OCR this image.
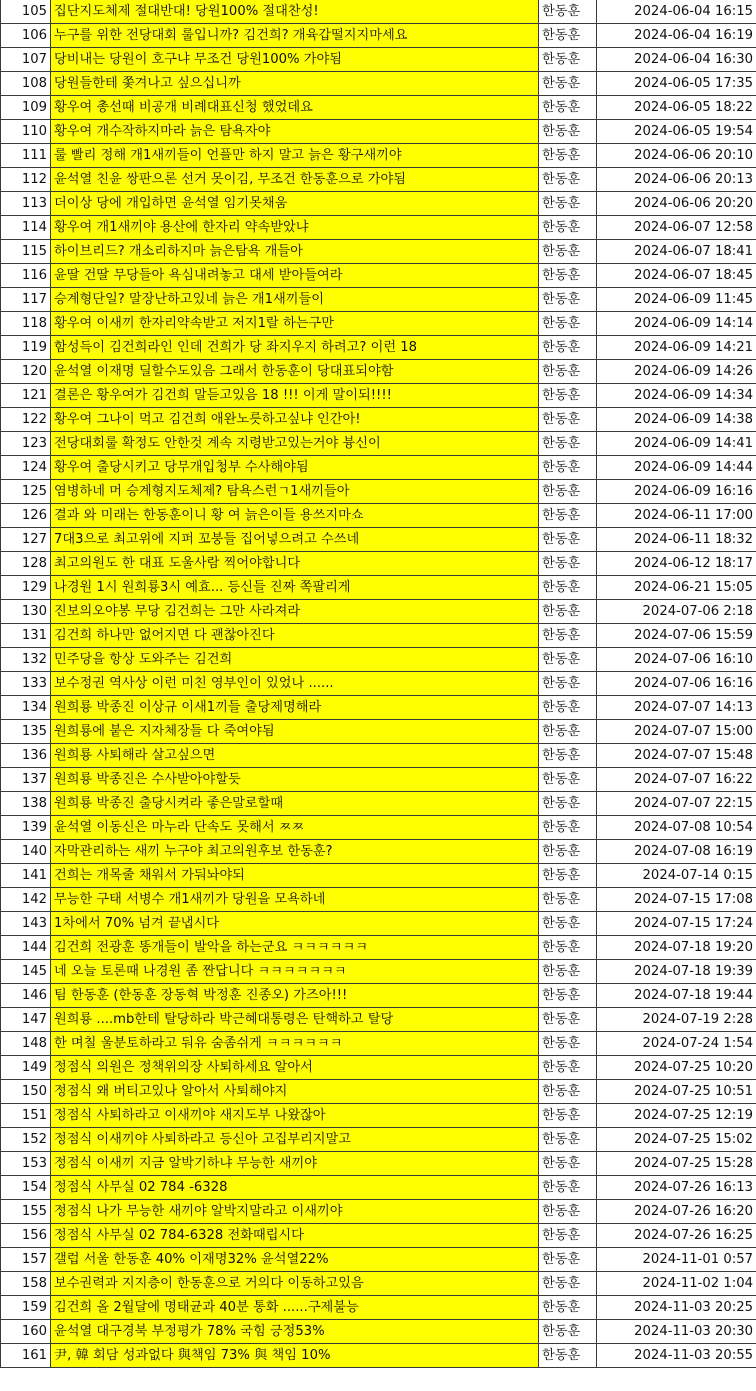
105	집단지도체제 절대반대! 당원100% 절대찬성!	한동훈	2024-06-04 16:15
106	누구를 위한 전당대회 룰입니까? 김건희? 개육갑떨지지마세요	한동훈	2024-06-04 16:19
107	당비내는 당원이 호구냐 무조건 당원100% 가야됨	한동훈	2024-06-04 16:30
108	당원들한테 쫓겨나고 싶으십니까	한동훈	2024-06-05 17:35
109	황우여 총선때 비공개 비례대표신청 했었데요	한동훈	2024-06-05 18:22
110	황우여 개수작하지마라 늙은 탐욕자야	한동훈	2024-06-05 19:54
111	룰 빨리 정해 개1새끼들이 언플만 하지 말고 늙은 황구새끼야	한동훈	2024-06-06 20:10
112	윤석열 친윤 쌍판으론 선거 못이김, 무조건 한동훈으로 가야됨	한동훈	2024-06-06 20:13
113	더이상 당에 개입하면 윤석열 임기못채움	한동훈	2024-06-06 20:20
114	황우여 개1새끼야 용산에 한자리 약속받았냐	한동훈	2024-06-07 12:58
115	하이브리드? 개소리하지마 늙은탐욕 개들아	한동훈	2024-06-07 18:41
116	윤딸 건딸 무당들아 욕심내려놓고 대세 받아들여라	한동훈	2024-06-07 18:45
117	승계형단일? 말장난하고있네 늙은 개1새끼들이	한동훈	2024-06-09 11:45
118	황우여 이새끼 한자리약속받고 저지1랄 하는구만	한동훈	2024-06-09 14:14
119	함성득이 김건희라인 인데 건희가 당 좌지우지 하려고? 이런 18	한동훈	2024-06-09 14:21
120	윤석열 이재명 딜할수도있음 그래서 한동훈이 당대표되야함	한동훈	2024-06-09 14:26
121	결론은 황우여가 김건희 말듣고있음 18 !!! 이게 말이되!!!!	한동훈	2024-06-09 14:34
122	황우여 그나이 먹고 김건희 애완노릇하고싶냐 인간아!	한동훈	2024-06-09 14:38
123	전당대회룰 확정도 안한것 계속 지령받고있는거야 븅신이	한동훈	2024-06-09 14:41
124	황우여 출당시키고 당무개입청부 수사해야됨	한동훈	2024-06-09 14:44
125	염병하네 머 승계형지도체제? 탐욕스런ㄱ1새끼들아	한동훈	2024-06-09 16:16
126	결과 와 미래는 한동훈이니 황 여 늙은이들 용쓰지마쇼	한동훈	2024-06-11 17:00
127	7대3으로 최고위에 지퍼 꼬붕들 집어넣으려고 수쓰네	한동훈	2024-06-11 18:32
128	최고의원도 한 대표 도울사람 찍어야합니다	한동훈	2024-06-12 18:17
129	나경원 1시 원희룡3시 예효... 등신들 진짜 쪽팔리게	한동훈	2024-06-21 15:05
130	진보의오야봉 무당 김건희는 그만 사라져라	한동훈	2024-07-06 2:18
131	김건희 하나만 없어지면 다 괜찮아진다	한동훈	2024-07-06 15:59
132	민주당을 항상 도와주는 김건희	한동훈	2024-07-06 16:10
133	보수정권 역사상 이런 미친 영부인이 있었나 ......	한동훈	2024-07-06 16:16
134	원희룡 박종진 이상규 이새1끼들 출당제명해라	한동훈	2024-07-07 14:13
135	원희룡에 붙은 지자체장들 다 죽여야됨	한동훈	2024-07-07 15:00
136	원희룡 사퇴해라 살고싶으면	한동훈	2024-07-07 15:48
137	원희룡 박종진은 수사받아야할듯	한동훈	2024-07-07 16:22
138	원희룡 박종진 출당시켜라 좋은말로할때	한동훈	2024-07-07 22:15
139	윤석열 이동신은 마누라 단속도 못해서 ㅉㅉ	한동훈	2024-07-08 10:54
140	자막관리하는 새끼 누구야 최고의원후보 한동훈?	한동훈	2024-07-08 16:19
141	건희는 개목줄 채워서 가둬놔야되	한동훈	2024-07-14 0:15
142	무능한 구태 서병수 개1새끼가 당원을 모욕하네	한동훈	2024-07-15 17:08
143	1차에서 70% 넘겨 끝냅시다	한동훈	2024-07-15 17:24
144	김건희 전광훈 똥개들이 발악을 하는군요 ㅋㅋㅋㅋㅋㅋ	한동훈	2024-07-18 19:20
145	네 오늘 토론때 나경원 좀 짠답니다 ㅋㅋㅋㅋㅋㅋㅋ	한동훈	2024-07-18 19:39
146	팀 한동훈 (한동훈 장동혁 박정훈 진종오) 가즈아!!!	한동훈	2024-07-18 19:44
147	원희룡 ....mb한테 탈당하라 박근혜대통령은 탄핵하고 탈당	한동훈	2024-07-19 2:28
148	한 며칠 울분토하라고 둬유 숨좀쉬게 ㅋㅋㅋㅋㅋㅋ	한동훈	2024-07-24 1:54
149	정점식 의원은 정책위의장 사퇴하세요 알아서	한동훈	2024-07-25 10:20
150	정점식 왜 버티고있나 알아서 사퇴해야지	한동훈	2024-07-25 10:51
151	정점식 사퇴하라고 이새끼야 새지도부 나왔잖아	한동훈	2024-07-25 12:19
152	정점식 이새끼야 사퇴하라고 등신아 고집부리지말고	한동훈	2024-07-25 15:02
153	정점식 이새끼 지금 알박기하냐 무능한 새끼야	한동훈	2024-07-25 15:28
154	정점식 사무실 02 784 -6328	한동훈	2024-07-26 16:13
155	정점식 나가 무능한 새끼야 알박지말라고 이새끼야	한동훈	2024-07-26 16:20
156	정점식 사무실 02 784-6328 전화때립시다	한동훈	2024-07-26 16:25
157	갤럽 서울 한동훈 40% 이재명32% 윤석열22%	한동훈	2024-11-01 0:57
158	보수권력과 지지층이 한동훈으로 거의다 이동하고있음	한동훈	2024-11-02 1:04
159	김건희 올 2월달에 명태균과 40분 통화 ......구제불능	한동훈	2024-11-03 20:25
160	윤석열 대구경북 부정평가 78% 국힘 긍정53%	한동훈	2024-11-03 20:30
161	尹, 韓 회담 성과없다 與책임 73% 與 책임 10%	한동훈	2024-11-03 20:55
